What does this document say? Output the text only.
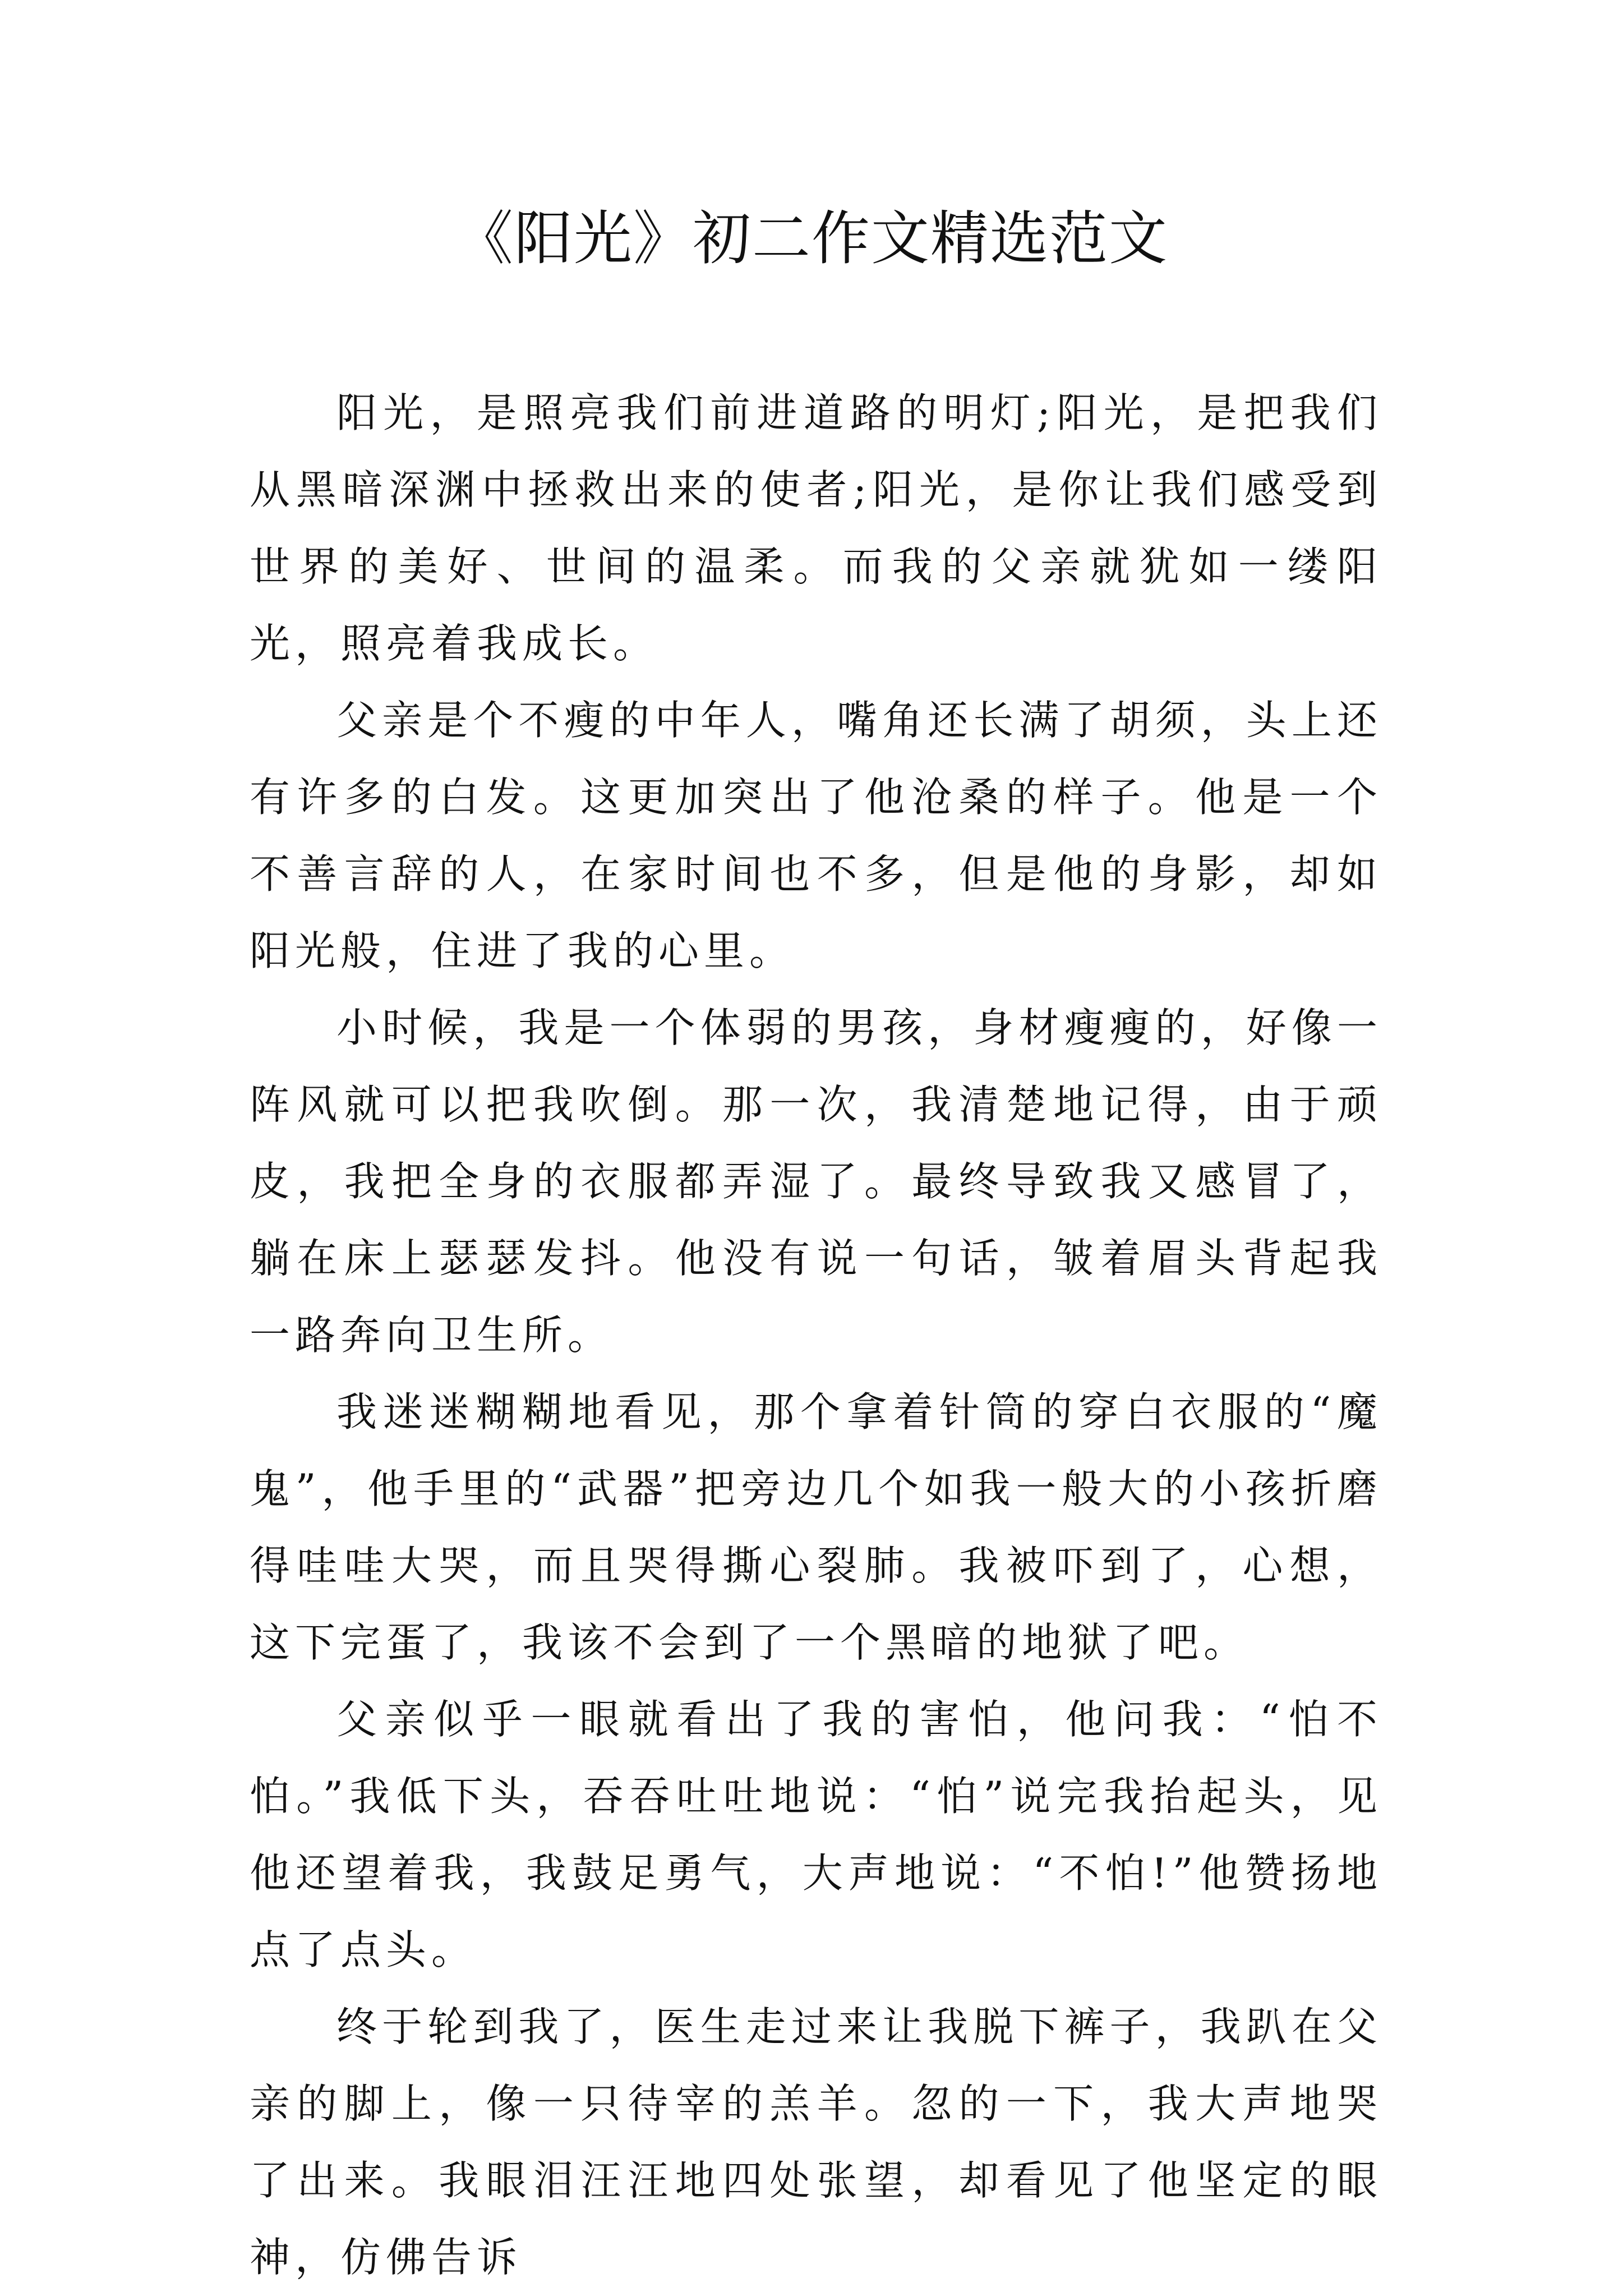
《阳光》初二作文精选范文

阳光，是照亮我们前进道路的明灯;阳光，是把我们从黑暗深渊中拯救出来的使者;阳光，是你让我们感受到世界的美好、世间的温柔。而我的父亲就犹如一缕阳光，照亮着我成长。

父亲是个不瘦的中年人，嘴角还长满了胡须，头上还有许多的白发。这更加突出了他沧桑的样子。他是一个不善言辞的人，在家时间也不多，但是他的身影，却如阳光般，住进了我的心里。

小时候，我是一个体弱的男孩，身材瘦瘦的，好像一阵风就可以把我吹倒。那一次，我清楚地记得，由于顽皮，我把全身的衣服都弄湿了。最终导致我又感冒了，躺在床上瑟瑟发抖。他没有说一句话，皱着眉头背起我一路奔向卫生所。

我迷迷糊糊地看见，那个拿着针筒的穿白衣服的“魔鬼”，他手里的“武器”把旁边几个如我一般大的小孩折磨得哇哇大哭，而且哭得撕心裂肺。我被吓到了，心想，这下完蛋了，我该不会到了一个黑暗的地狱了吧。

父亲似乎一眼就看出了我的害怕，他问我：“怕不怕。”我低下头，吞吞吐吐地说：“怕”说完我抬起头，见他还望着我，我鼓足勇气，大声地说：“不怕!”他赞扬地点了点头。

终于轮到我了，医生走过来让我脱下裤子，我趴在父亲的脚上，像一只待宰的羔羊。忽的一下，我大声地哭了出来。我眼泪汪汪地四处张望，却看见了他坚定的眼神，仿佛告诉
